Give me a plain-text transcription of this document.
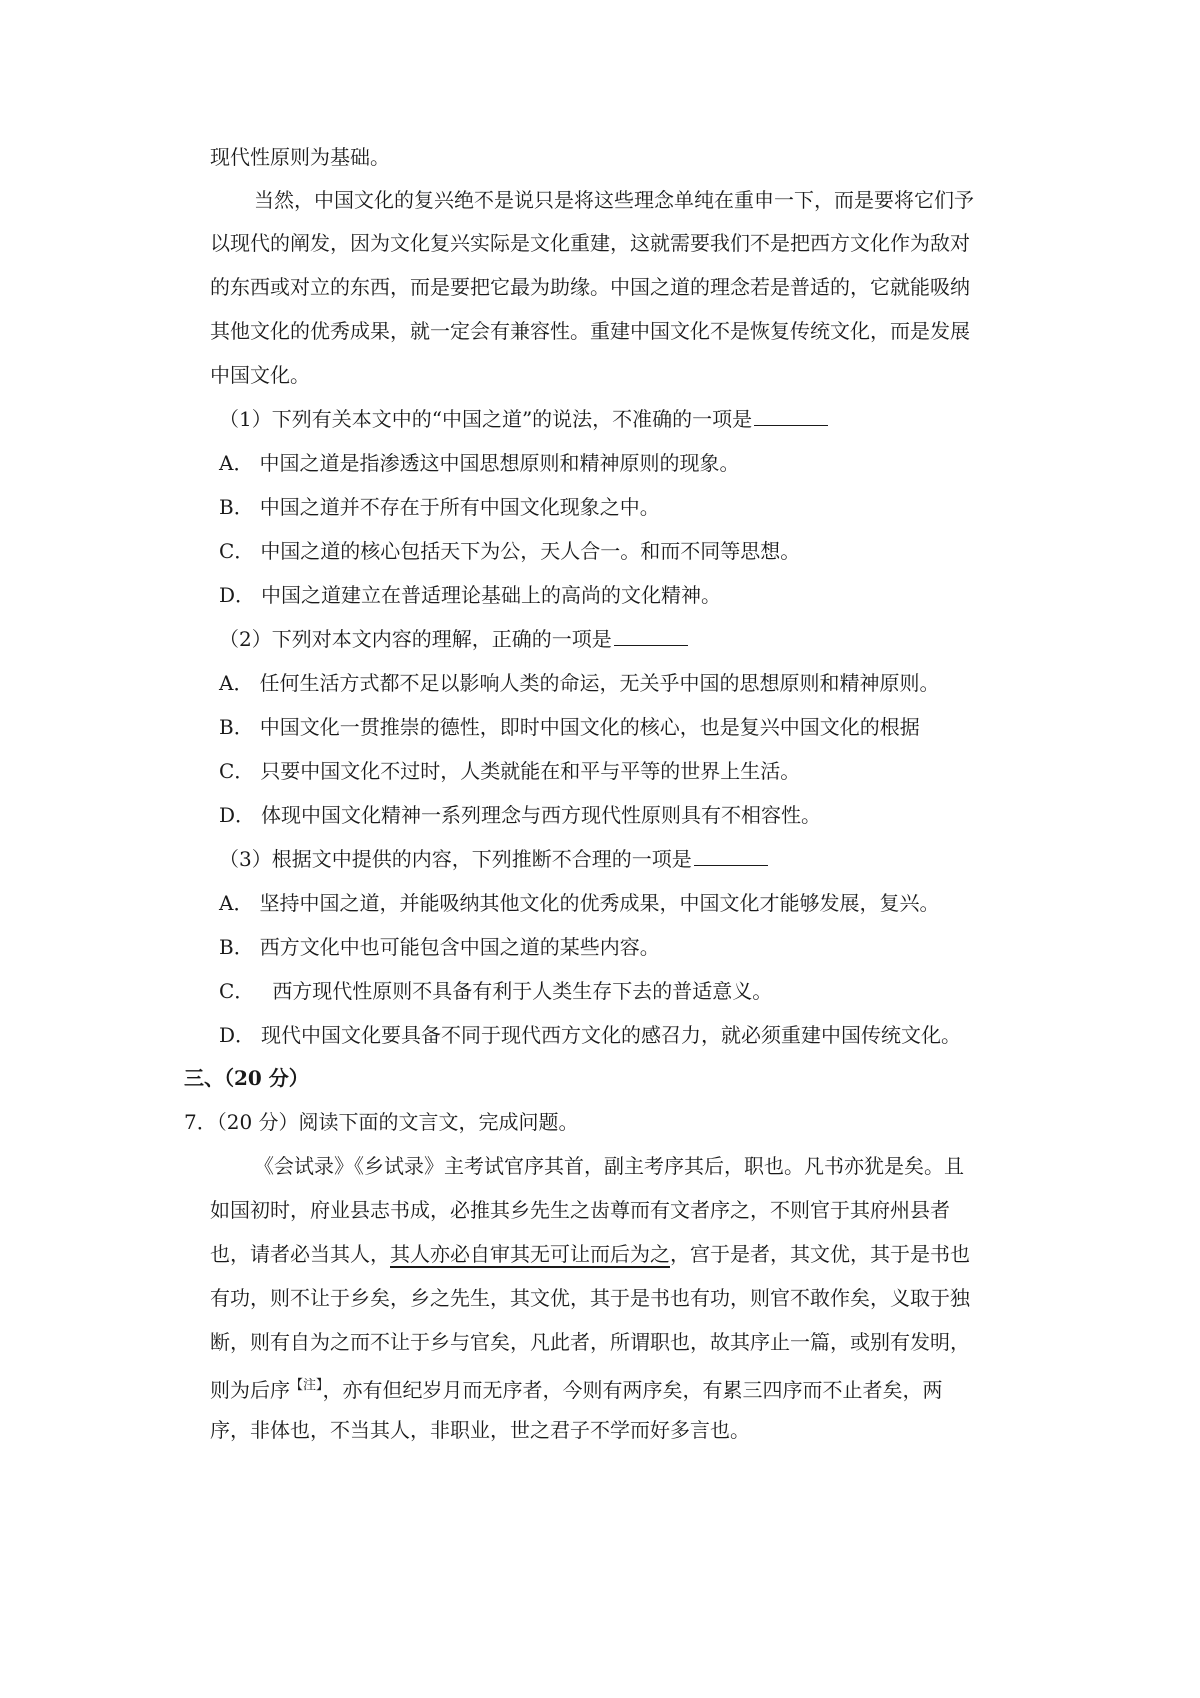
现代性原则为基础。
当然，中国文化的复兴绝不是说只是将这些理念单纯在重申一下，而是要将它们予
以现代的阐发，因为文化复兴实际是文化重建，这就需要我们不是把西方文化作为敌对
的东西或对立的东西，而是要把它最为助缘。中国之道的理念若是普适的，它就能吸纳
其他文化的优秀成果，就一定会有兼容性。重建中国文化不是恢复传统文化，而是发展
中国文化。
（1）下列有关本文中的“中国之道”的说法，不准确的一项是
A． 中国之道是指渗透这中国思想原则和精神原则的现象。
B． 中国之道并不存在于所有中国文化现象之中。
C． 中国之道的核心包括天下为公，天人合一。和而不同等思想。
D． 中国之道建立在普适理论基础上的高尚的文化精神。
（2）下列对本文内容的理解，正确的一项是
A． 任何生活方式都不足以影响人类的命运，无关乎中国的思想原则和精神原则。
B． 中国文化一贯推崇的德性，即时中国文化的核心，也是复兴中国文化的根据
C． 只要中国文化不过时，人类就能在和平与平等的世界上生活。
D． 体现中国文化精神一系列理念与西方现代性原则具有不相容性。
（3）根据文中提供的内容，下列推断不合理的一项是
A． 坚持中国之道，并能吸纳其他文化的优秀成果，中国文化才能够发展，复兴。
B． 西方文化中也可能包含中国之道的某些内容。
C． 西方现代性原则不具备有利于人类生存下去的普适意义。
D． 现代中国文化要具备不同于现代西方文化的感召力，就必须重建中国传统文化。
三、（20 分）
7．（20 分）阅读下面的文言文，完成问题。
《会试录》《乡试录》主考试官序其首，副主考序其后，职也。凡书亦犹是矣。且
如国初时，府业县志书成，必推其乡先生之齿尊而有文者序之，不则官于其府州县者
也，请者必当其人，其人亦必自审其无可让而后为之，宫于是者，其文优，其于是书也
有功，则不让于乡矣，乡之先生，其文优，其于是书也有功，则官不敢作矣，义取于独
断，则有自为之而不让于乡与官矣，凡此者，所谓职也，故其序止一篇，或别有发明，
则为后序$^{【注】}$，亦有但纪岁月而无序者，今则有两序矣，有累三四序而不止者矣，两
序，非体也，不当其人，非职业，世之君子不学而好多言也。
